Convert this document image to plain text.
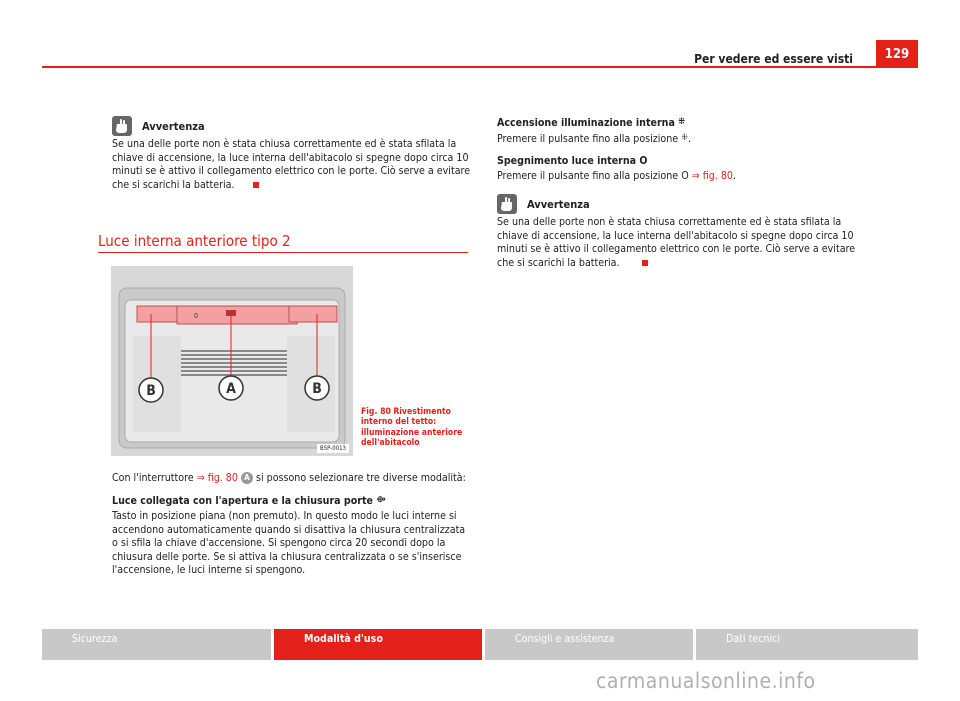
Per vedere ed essere visti	129
Avvertenza
Se una delle porte non è stata chiusa correttamente ed è stata sfilata la chiave di accensione, la luce interna dell'abitacolo si spegne dopo circa 10 minuti se è attivo il collegamento elettrico con le porte. Ciò serve a evitare che si scarichi la batteria.
Luce interna anteriore tipo 2
0
B	A	B
B5P-0013
Fig. 80 Rivestimento interno del tetto: illuminazione anteriore dell'abitacolo

Con l'interruttore ⇒ fig. 80 A si possono selezionare tre diverse modalità:

Luce collegata con l'apertura e la chiusura porte ⟴

Tasto in posizione piana (non premuto). In questo modo le luci interne si accendono automaticamente quando si disattiva la chiusura centralizzata o si sfila la chiave d'accensione. Si spengono circa 20 secondi dopo la chiusura delle porte. Se si attiva la chiusura centralizzata o se s'inserisce l'accensione, le luci interne si spengono.

Accensione illuminazione interna ⁜

Premere il pulsante fino alla posizione ⁜.

Spegnimento luce interna O

Premere il pulsante fino alla posizione O ⇒ fig. 80.

Avvertenza
Se una delle porte non è stata chiusa correttamente ed è stata sfilata la chiave di accensione, la luce interna dell'abitacolo si spegne dopo circa 10 minuti se è attivo il collegamento elettrico con le porte. Ciò serve a evitare che si scarichi la batteria.
Sicurezza	Modalità d'uso	Consigli e assistenza	Dati tecnici
carmanualsonline.info
